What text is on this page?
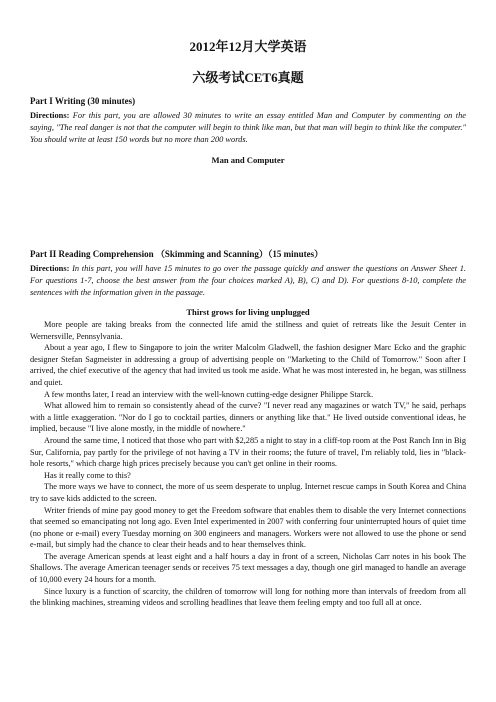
2012年12月大学英语
六级考试CET6真题
Part I Writing (30 minutes)
Directions: For this part, you are allowed 30 minutes to write an essay entitled Man and Computer by commenting on the saying, "The real danger is not that the computer will begin to think like man, but that man will begin to think like the computer." You should write at least 150 words but no more than 200 words.
Man and Computer
Part II Reading Comprehension （Skimming and Scanning）（15 minutes）
Directions: In this part, you will have 15 minutes to go over the passage quickly and answer the questions on Answer Sheet 1. For questions 1-7, choose the best answer from the four choices marked A), B), C) and D). For questions 8-10, complete the sentences with the information given in the passage.
Thirst grows for living unplugged

More people are taking breaks from the connected life amid the stillness and quiet of retreats like the Jesuit Center in Wernersville, Pennsylvania.

About a year ago, I flew to Singapore to join the writer Malcolm Gladwell, the fashion designer Marc Ecko and the graphic designer Stefan Sagmeister in addressing a group of advertising people on "Marketing to the Child of Tomorrow." Soon after I arrived, the chief executive of the agency that had invited us took me aside. What he was most interested in, he began, was stillness and quiet.

A few months later, I read an interview with the well-known cutting-edge designer Philippe Starck.

What allowed him to remain so consistently ahead of the curve? "I never read any magazines or watch TV," he said, perhaps with a little exaggeration. "Nor do I go to cocktail parties, dinners or anything like that." He lived outside conventional ideas, he implied, because "I live alone mostly, in the middle of nowhere."

Around the same time, I noticed that those who part with $2,285 a night to stay in a cliff-top room at the Post Ranch Inn in Big Sur, California, pay partly for the privilege of not having a TV in their rooms; the future of travel, I'm reliably told, lies in "black-hole resorts," which charge high prices precisely because you can't get online in their rooms.

Has it really come to this?

The more ways we have to connect, the more of us seem desperate to unplug. Internet rescue camps in South Korea and China try to save kids addicted to the screen.

Writer friends of mine pay good money to get the Freedom software that enables them to disable the very Internet connections that seemed so emancipating not long ago. Even Intel experimented in 2007 with conferring four uninterrupted hours of quiet time (no phone or e-mail) every Tuesday morning on 300 engineers and managers. Workers were not allowed to use the phone or send e-mail, but simply had the chance to clear their heads and to hear themselves think.

The average American spends at least eight and a half hours a day in front of a screen, Nicholas Carr notes in his book The Shallows. The average American teenager sends or receives 75 text messages a day, though one girl managed to handle an average of 10,000 every 24 hours for a month.

Since luxury is a function of scarcity, the children of tomorrow will long for nothing more than intervals of freedom from all the blinking machines, streaming videos and scrolling headlines that leave them feeling empty and too full all at once.
